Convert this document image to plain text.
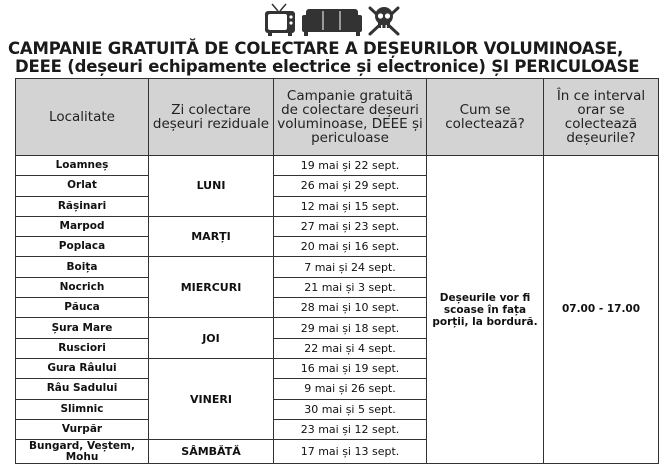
CAMPANIE GRATUITĂ DE COLECTARE A DEȘEURILOR VOLUMINOASE,
DEEE (deșeuri echipamente electrice și electronice) ȘI PERICULOASE
Localitate	Zi colectare deșeuri reziduale	Campanie gratuită de colectare deșeuri voluminoase, DEEE și periculoase	Cum se colectează?	În ce interval orar se colectează deșeurile?
Loamneș	LUNI	19 mai și 22 sept.	Deșeurile vor fi scoase în fața porții, la bordură.	07.00 - 17.00
Orlat		26 mai și 29 sept.		
Rășinari		12 mai și 15 sept.		
Marpod	MARȚI	27 mai și 23 sept.		
Poplaca		20 mai și 16 sept.		
Boița	MIERCURI	7 mai și 24 sept.		
Nocrich		21 mai și 3 sept.		
Păuca		28 mai și 10 sept.		
Șura Mare	JOI	29 mai și 18 sept.		
Rusciori		22 mai și 4 sept.		
Gura Râului	VINERI	16 mai și 19 sept.		
Râu Sadului		9 mai și 26 sept.		
Slimnic		30 mai și 5 sept.		
Vurpăr		23 mai și 12 sept.		
Bungard, Veștem, Mohu	SÂMBĂTĂ	17 mai și 13 sept.		
